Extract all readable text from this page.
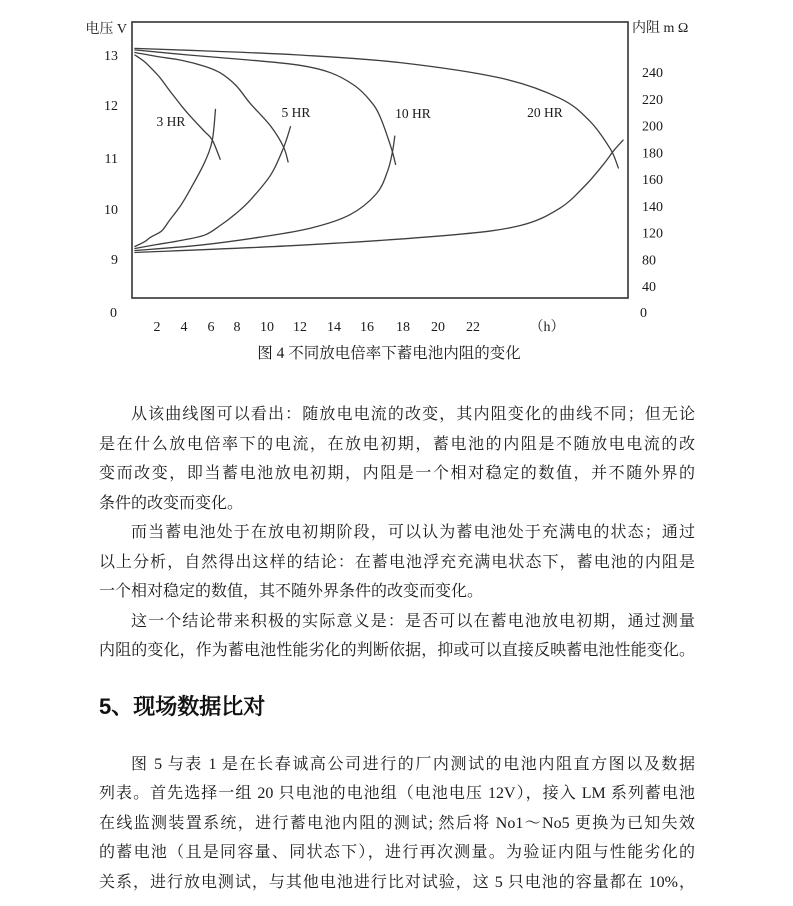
电压 V	内阻 m Ω
13
12
11
10
9
0
240
220
200
180
160
140
120
80
40
0
2 4 6 8 10 12 14 16 18 20 22	（h）
3 HR
5 HR	10 HR	20 HR
图 4 不同放电倍率下蓄电池内阻的变化
从该曲线图可以看出：随放电电流的改变，其内阻变化的曲线不同；但无论
是在什么放电倍率下的电流，在放电初期，蓄电池的内阻是不随放电电流的改
变而改变，即当蓄电池放电初期，内阻是一个相对稳定的数值，并不随外界的
条件的改变而变化。
而当蓄电池处于在放电初期阶段，可以认为蓄电池处于充满电的状态；通过
以上分析，自然得出这样的结论：在蓄电池浮充充满电状态下，蓄电池的内阻是
一个相对稳定的数值，其不随外界条件的改变而变化。
这一个结论带来积极的实际意义是：是否可以在蓄电池放电初期，通过测量
内阻的变化，作为蓄电池性能劣化的判断依据，抑或可以直接反映蓄电池性能变化。
5、现场数据比对
图 5 与表 1 是在长春诚高公司进行的厂内测试的电池内阻直方图以及数据
列表。首先选择一组 20 只电池的电池组（电池电压 12V），接入 LM 系列蓄电池
在线监测装置系统，进行蓄电池内阻的测试; 然后将 No1～No5 更换为已知失效
的蓄电池（且是同容量、同状态下），进行再次测量。为验证内阻与性能劣化的
关系，进行放电测试，与其他电池进行比对试验，这 5 只电池的容量都在 10%，
